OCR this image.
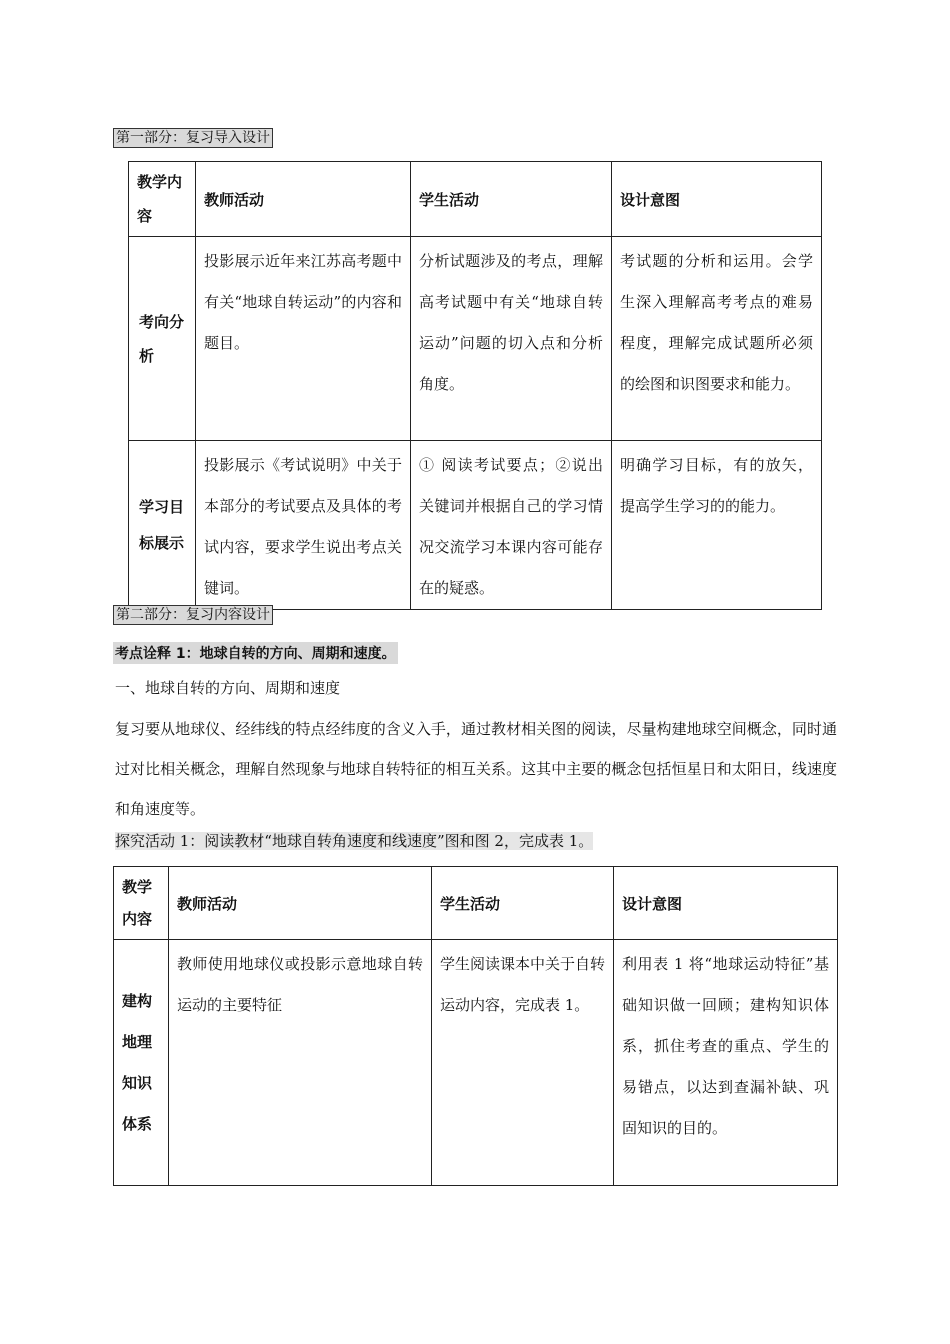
第一部分：复习导入设计
教学内容	教师活动	学生活动	设计意图
考向分析	投影展示近年来江苏高考题中有关“地球自转运动”的内容和题目。	分析试题涉及的考点，理解高考试题中有关“地球自转运动”问题的切入点和分析角度。	考试题的分析和运用。会学生深入理解高考考点的难易程度，理解完成试题所必须的绘图和识图要求和能力。

学习目标展示	投影展示《考试说明》中关于本部分的考试要点及具体的考试内容，要求学生说出考点关键词。	① 阅读考试要点；②说出关键词并根据自己的学习情况交流学习本课内容可能存在的疑惑。	明确学习目标，有的放矢，提高学生学习的的能力。
第二部分：复习内容设计
考点诠释 1：地球自转的方向、周期和速度。
一、地球自转的方向、周期和速度
复习要从地球仪、经纬线的特点经纬度的含义入手，通过教材相关图的阅读，尽量构建地球空间概念，同时通过对比相关概念，理解自然现象与地球自转特征的相互关系。这其中主要的概念包括恒星日和太阳日，线速度和角速度等。
探究活动 1：阅读教材“地球自转角速度和线速度”图和图 2，完成表 1。
教学内容	教师活动	学生活动	设计意图
建构地理知识体系	教师使用地球仪或投影示意地球自转运动的主要特征	学生阅读课本中关于自转运动内容，完成表 1。	利用表 1 将“地球运动特征”基础知识做一回顾；建构知识体系，抓住考查的重点、学生的易错点，以达到查漏补缺、巩固知识的目的。
